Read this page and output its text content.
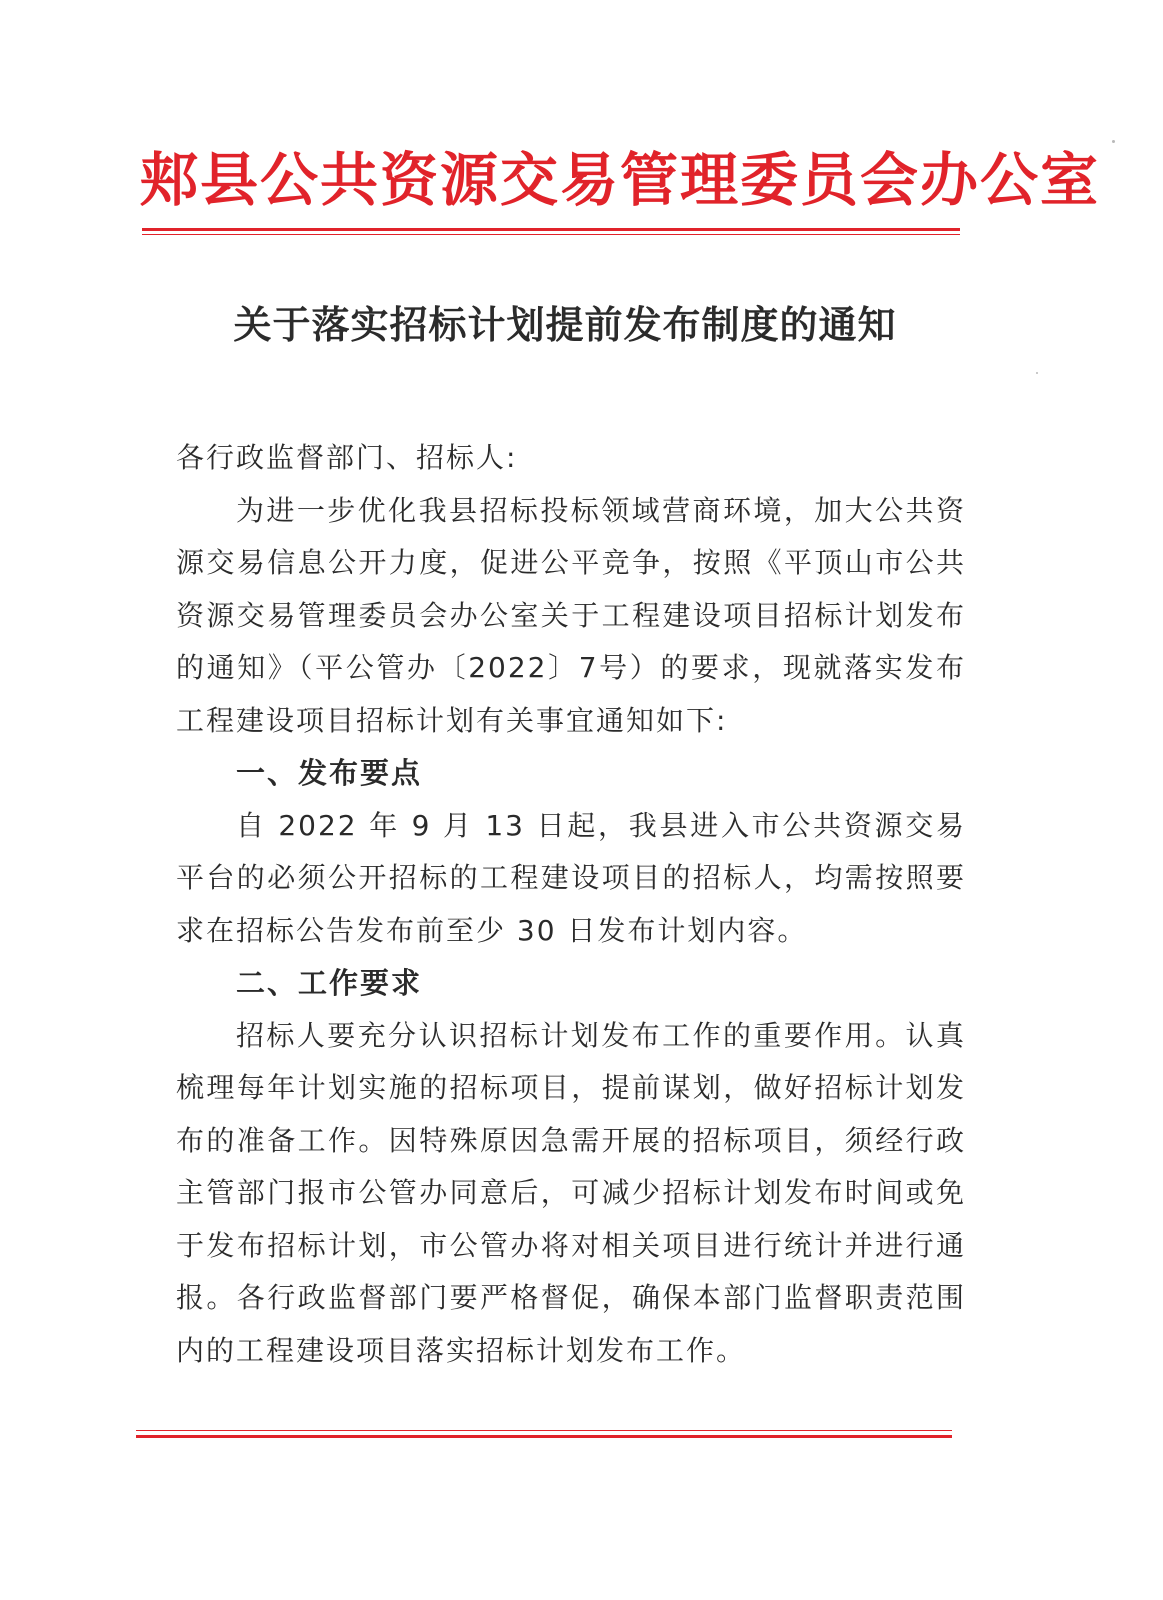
郏县公共资源交易管理委员会办公室
关于落实招标计划提前发布制度的通知

各行政监督部门、招标人:

为进一步优化我县招标投标领域营商环境，加大公共资源交易信息公开力度，促进公平竞争，按照《平顶山市公共资源交易管理委员会办公室关于工程建设项目招标计划发布的通知》（平公管办〔2022〕7号）的要求，现就落实发布工程建设项目招标计划有关事宜通知如下:

一、发布要点

自 2022 年 9 月 13 日起，我县进入市公共资源交易平台的必须公开招标的工程建设项目的招标人，均需按照要求在招标公告发布前至少 30 日发布计划内容。

二、工作要求

招标人要充分认识招标计划发布工作的重要作用。认真梳理每年计划实施的招标项目，提前谋划，做好招标计划发布的准备工作。因特殊原因急需开展的招标项目，须经行政主管部门报市公管办同意后，可减少招标计划发布时间或免于发布招标计划，市公管办将对相关项目进行统计并进行通报。各行政监督部门要严格督促，确保本部门监督职责范围内的工程建设项目落实招标计划发布工作。
